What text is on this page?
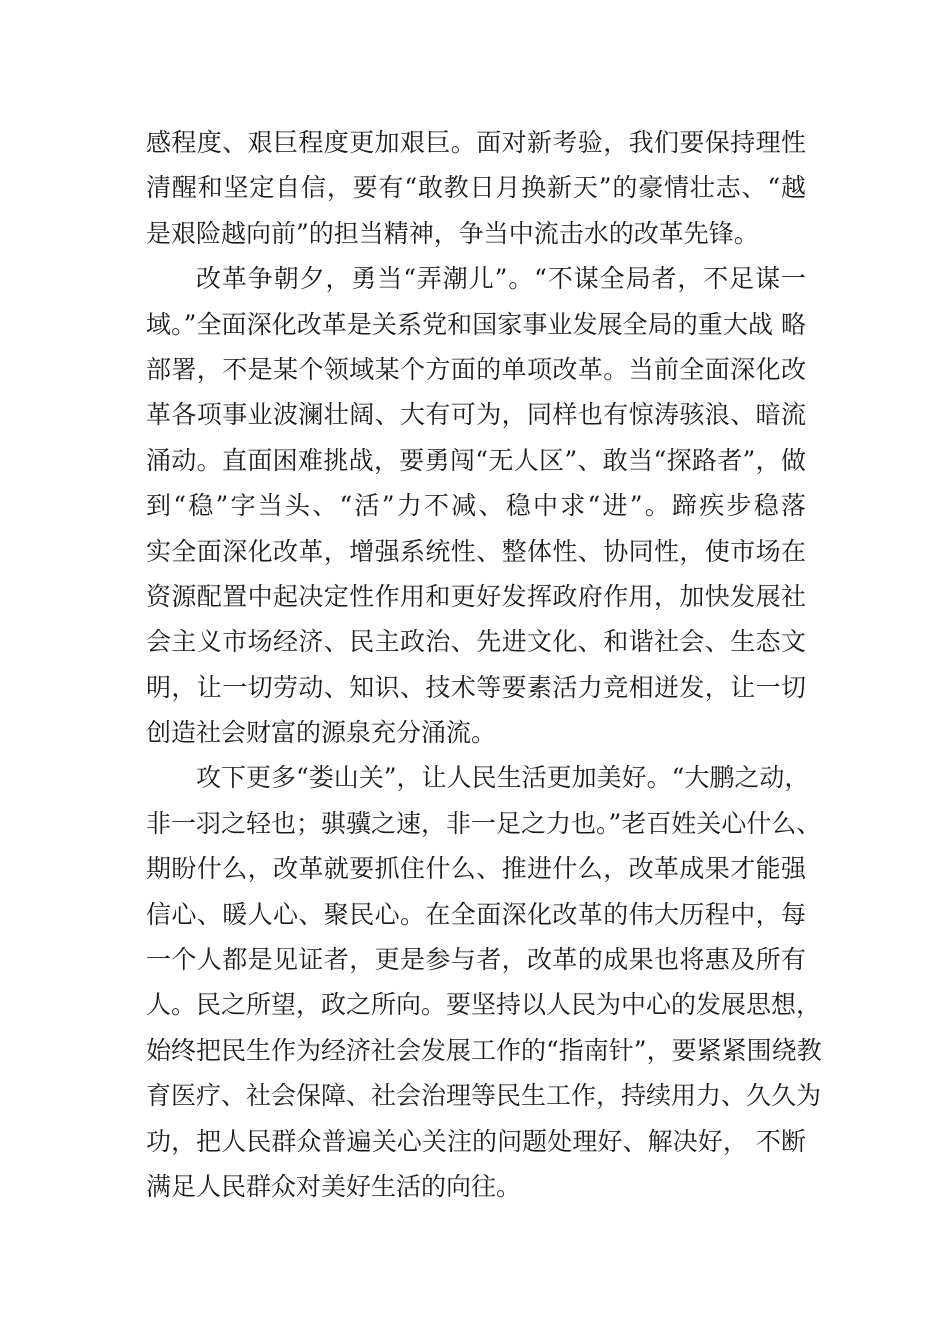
感程度、艰巨程度更加艰巨。面对新考验，我们要保持理性
清醒和坚定自信，要有“敢教日月换新天”的豪情壮志、“越
是艰险越向前”的担当精神，争当中流击水的改革先锋。
改革争朝夕，勇当“弄潮儿”。“不谋全局者，不足谋一
域。”全面深化改革是关系党和国家事业发展全局的重大战 略
部署，不是某个领域某个方面的单项改革。当前全面深化改
革各项事业波澜壮阔、大有可为，同样也有惊涛骇浪、暗流
涌动。直面困难挑战，要勇闯“无人区”、敢当“探路者”，做
到“稳”字当头、“活”力不减、稳中求“进”。蹄疾步稳落
实全面深化改革，增强系统性、整体性、协同性，使市场在
资源配置中起决定性作用和更好发挥政府作用，加快发展社
会主义市场经济、民主政治、先进文化、和谐社会、生态文
明，让一切劳动、知识、技术等要素活力竞相迸发，让一切
创造社会财富的源泉充分涌流。
攻下更多“娄山关”，让人民生活更加美好。“大鹏之动，
非一羽之轻也；骐骥之速，非一足之力也。”老百姓关心什么、
期盼什么，改革就要抓住什么、推进什么，改革成果才能强
信心、暖人心、聚民心。在全面深化改革的伟大历程中，每
一个人都是见证者，更是参与者，改革的成果也将惠及所有
人。民之所望，政之所向。要坚持以人民为中心的发展思想，
始终把民生作为经济社会发展工作的“指南针”，要紧紧围绕教
育医疗、社会保障、社会治理等民生工作，持续用力、久久为
功，把人民群众普遍关心关注的问题处理好、解决好， 不断
满足人民群众对美好生活的向往。
